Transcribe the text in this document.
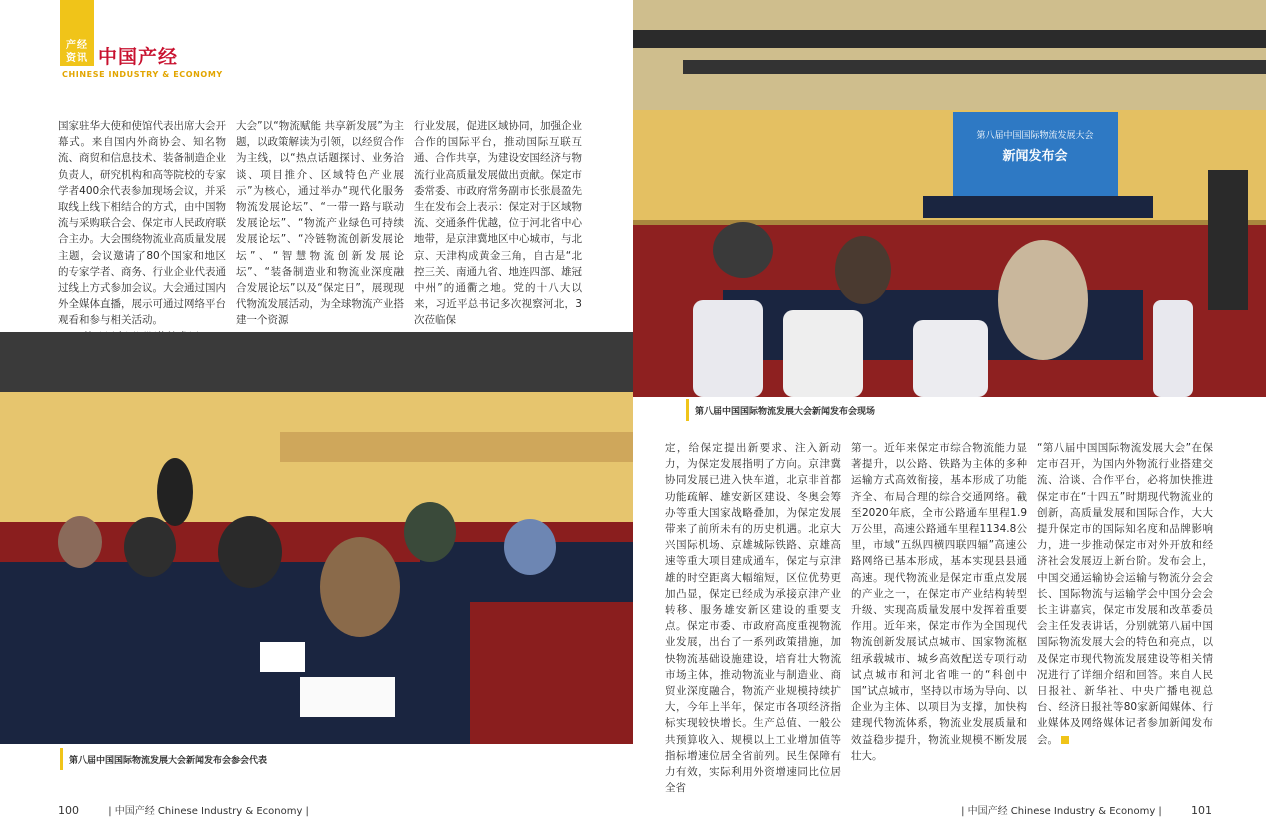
产经
资讯 中国产经
CHINESE INDUSTRY & ECONOMY
国家驻华大使和使馆代表出席大会开幕式。来自国内外商协会、知名物流、商贸和信息技术、装备制造企业负责人，研究机构和高等院校的专家学者400余代表参加现场会议，并采取线上线下相结合的方式，由中国物流与采购联合会、保定市人民政府联合主办。大会围绕物流业高质量发展主题，会议邀请了80个国家和地区的专家学者、商务、行业企业代表通过线上方式参加会议。大会通过国内外全媒体直播，展示可通过网络平台观看和参与相关活动。

大会”以“物流赋能 共享新发展”为主题，以政策解读为引领，以经贸合作为主线，以“热点话题探讨、业务洽谈、项目推介、区域特色产业展示”为核心，通过举办“现代化服务物流发展论坛”、“一带一路与联动发展论坛”、“物流产业绿色可持续发展论坛”、“冷链物流创新发展论坛”、“智慧物流创新发展论坛”、“装备制造业和物流业深度融合发展论坛”以及“保定日”，展现现代物流发展活动，为全球物流产业搭建一个资源
行业发展，促进区域协同，加强企业合作的国际平台，推动国际互联互通、合作共享，为建设安国经济与物流行业高质量发展做出贡献。保定市委常委、市政府常务副市长张晨盈先生在发布会上表示：保定对于区域物流、交通条件优越，位于河北省中心地带，是京津冀地区中心城市，与北京、天津构成黄金三角，自古是“北控三关、南通九省、地连四部、雄冠中州”的通衢之地。党的十八大以来，习近平总书记多次视察河北，3次莅临保
第八届中国国际物流发展大会
新闻发布会
第八届中国国际物流发展大会新闻发布会现场
第八届中国国际物流发展大会新闻发布会参会代表
定，给保定提出新要求、注入新动力，为保定发展指明了方向。京津冀协同发展已进入快车道，北京非首都功能疏解、雄安新区建设、冬奥会筹办等重大国家战略叠加，为保定发展带来了前所未有的历史机遇。北京大兴国际机场、京雄城际铁路、京雄高速等重大项目建成通车，保定与京津雄的时空距离大幅缩短，区位优势更加凸显，保定已经成为承接京津产业转移、服务雄安新区建设的重要支点。保定市委、市政府高度重视物流业发展，出台了一系列政策措施，加快物流基础设施建设，培育壮大物流市场主体，推动物流业与制造业、商贸业深度融合，物流产业规模持续扩大，今年上半年，保定市各项经济指标实现较快增长。生产总值、一般公共预算收入、规模以上工业增加值等指标增速位居全省前列。民生保障有力有效，实际利用外资增速同比位居全省
第一。近年来保定市综合物流能力显著提升，以公路、铁路为主体的多种运输方式高效衔接，基本形成了功能齐全、布局合理的综合交通网络。截至2020年底，全市公路通车里程1.9万公里，高速公路通车里程1134.8公里，市域“五纵四横四联四辐”高速公路网络已基本形成，基本实现县县通高速。现代物流业是保定市重点发展的产业之一，在保定市产业结构转型升级、实现高质量发展中发挥着重要作用。近年来，保定市作为全国现代物流创新发展试点城市、国家物流枢纽承载城市、城乡高效配送专项行动试点城市和河北省唯一的“科创中国”试点城市，坚持以市场为导向、以企业为主体、以项目为支撑，加快构建现代物流体系，物流业发展质量和效益稳步提升，物流业规模不断发展壮大。
“第八届中国国际物流发展大会”在保定市召开，为国内外物流行业搭建交流、洽谈、合作平台，必将加快推进保定市在“十四五”时期现代物流业的创新，高质量发展和国际合作，大大提升保定市的国际知名度和品牌影响力，进一步推动保定市对外开放和经济社会发展迈上新台阶。发布会上，中国交通运输协会运输与物流分会会长、国际物流与运输学会中国分会会长主讲嘉宾，保定市发展和改革委员会主任发表讲话，分别就第八届中国国际物流发展大会的特色和亮点，以及保定市现代物流发展建设等相关情况进行了详细介绍和回答。来自人民日报社、新华社、中央广播电视总台、经济日报社等80家新闻媒体、行业媒体及网络媒体记者参加新闻发布会。
100	| 中国产经 Chinese Industry & Economy |	| 中国产经 Chinese Industry & Economy |	101
